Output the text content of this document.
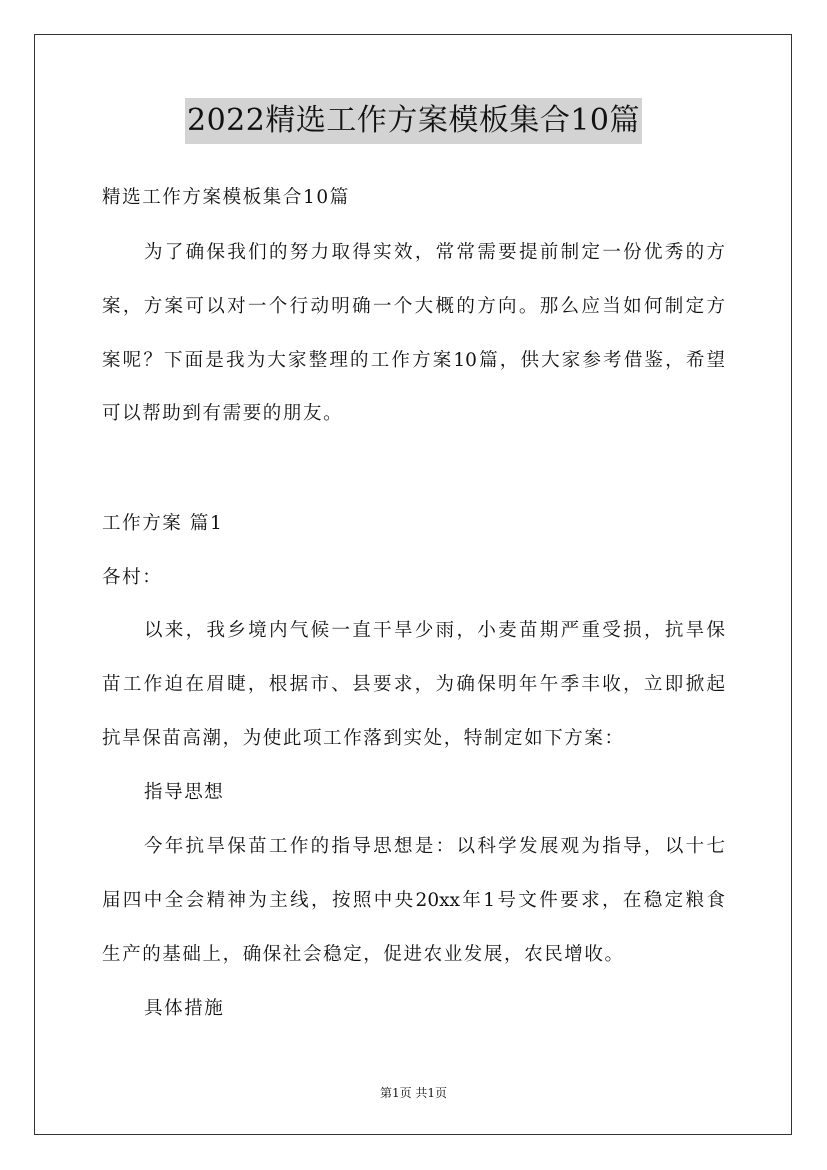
2022精选工作方案模板集合10篇
精选工作方案模板集合10篇
为了确保我们的努力取得实效，常常需要提前制定一份优秀的方
案，方案可以对一个行动明确一个大概的方向。那么应当如何制定方
案呢？下面是我为大家整理的工作方案10篇，供大家参考借鉴，希望
可以帮助到有需要的朋友。
工作方案 篇1
各村：
以来，我乡境内气候一直干旱少雨，小麦苗期严重受损，抗旱保
苗工作迫在眉睫，根据市、县要求，为确保明年午季丰收，立即掀起
抗旱保苗高潮，为使此项工作落到实处，特制定如下方案：
指导思想
今年抗旱保苗工作的指导思想是：以科学发展观为指导，以十七
届四中全会精神为主线，按照中央20xx年1号文件要求，在稳定粮食
生产的基础上，确保社会稳定，促进农业发展，农民增收。
具体措施
第1页 共1页
